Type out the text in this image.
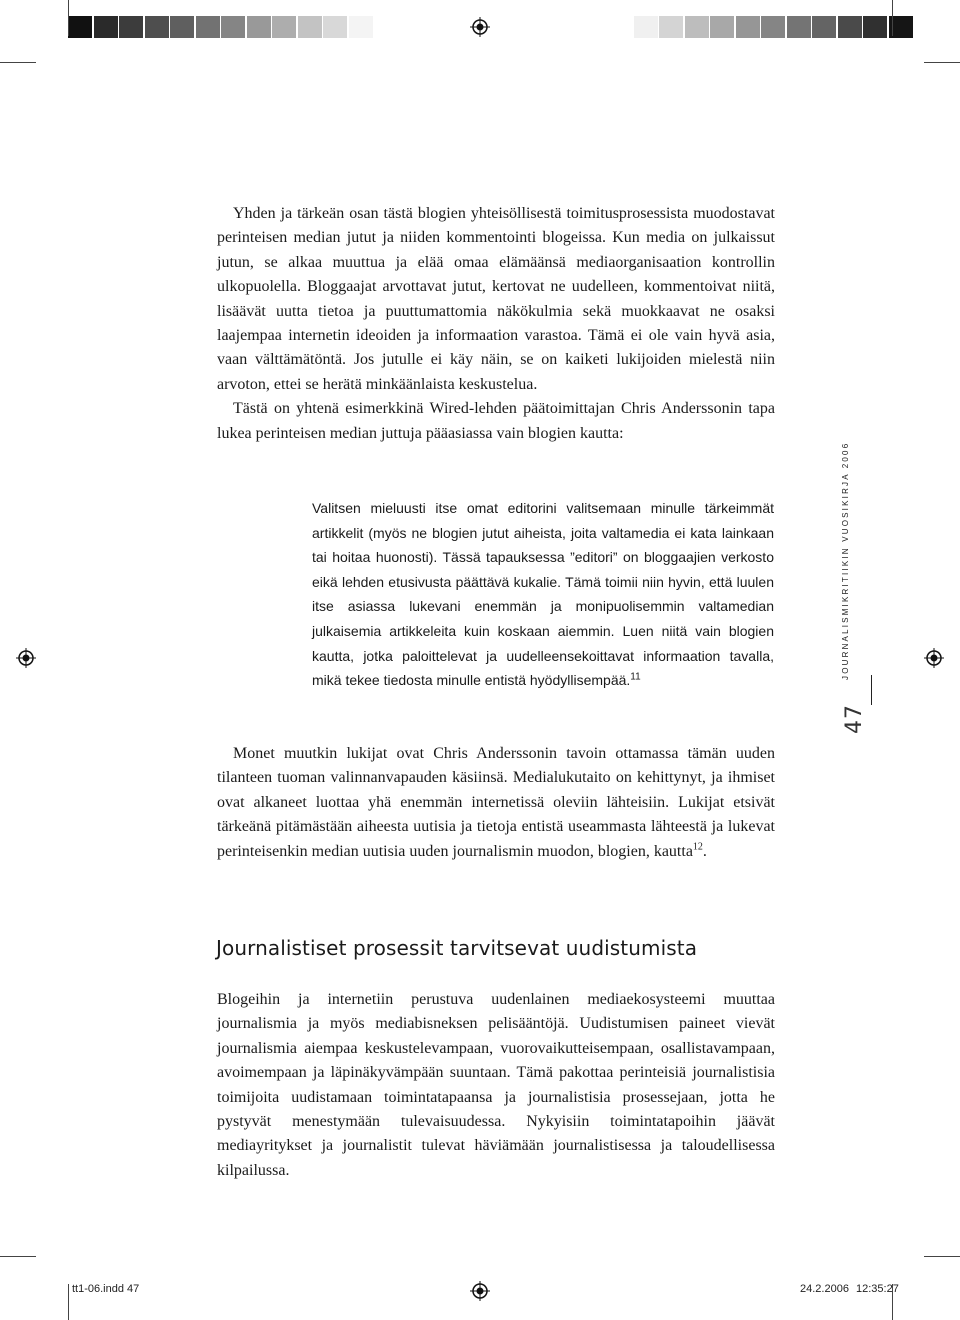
Yhden ja tärkeän osan tästä blogien yhteisöllisestä toimitusprosessista muodostavat perinteisen median jutut ja niiden kommentointi blogeissa. Kun media on julkaissut jutun, se alkaa muuttua ja elää omaa elämäänsä mediaorganisaation kontrollin ulkopuolella. Bloggaajat arvottavat jutut, kertovat ne uudelleen, kommentoivat niitä, lisäävät uutta tietoa ja puuttumattomia näkökulmia sekä muokkaavat ne osaksi laajempaa internetin ideoiden ja informaation varastoa. Tämä ei ole vain hyvä asia, vaan välttämätöntä. Jos jutulle ei käy näin, se on kaiketi lukijoiden mielestä niin arvoton, ettei se herätä minkäänlaista keskustelua.

Tästä on yhtenä esimerkkinä Wired-lehden päätoimittajan Chris Anderssonin tapa lukea perinteisen median juttuja pääasiassa vain blogien kautta:

Valitsen mieluusti itse omat editorini valitsemaan minulle tärkeimmät artikkelit (myös ne blogien jutut aiheista, joita valtamedia ei kata lainkaan tai hoitaa huonosti). Tässä tapauksessa ”editori” on bloggaajien verkosto eikä lehden etusivusta päättävä kukalie. Tämä toimii niin hyvin, että luulen itse asiassa lukevani enemmän ja monipuolisemmin valtamedian julkaisemia artikkeleita kuin koskaan aiemmin. Luen niitä vain blogien kautta, jotka paloittelevat ja uudelleensekoittavat informaation tavalla, mikä tekee tiedosta minulle entistä hyödyllisempää.$^{11}$

Monet muutkin lukijat ovat Chris Anderssonin tavoin ottamassa tämän uuden tilanteen tuoman valinnanvapauden käsiinsä. Medialukutaito on kehittynyt, ja ihmiset ovat alkaneet luottaa yhä enemmän internetissä oleviin lähteisiin. Lukijat etsivät tärkeänä pitämästään aiheesta uutisia ja tietoja entistä useammasta lähteestä ja lukevat perinteisenkin median uutisia uuden journalismin muodon, blogien, kautta$^{12}$.

Journalistiset prosessit tarvitsevat uudistumista

Blogeihin ja internetiin perustuva uudenlainen mediaekosysteemi muuttaa journalismia ja myös mediabisneksen pelisääntöjä. Uudistumisen paineet vievät journalismia aiempaa keskustelevampaan, vuorovaikutteisempaan, osallistavampaan, avoimempaan ja läpinäkyvämpään suuntaan. Tämä pakottaa perinteisiä journalistisia toimijoita uudistamaan toimintatapaansa ja journalistisia prosessejaan, jotta he pystyvät menestymään tulevaisuudessa. Nykyisiin toimintatapoihin jäävät mediayritykset ja journalistit tulevat häviämään journalistisessa ja taloudellisessa kilpailussa.

JOURNALISMIKRITIIKIN VUOSIKIRJA 2006
47
tt1-06.indd 47	24.2.2006 12:35:27
